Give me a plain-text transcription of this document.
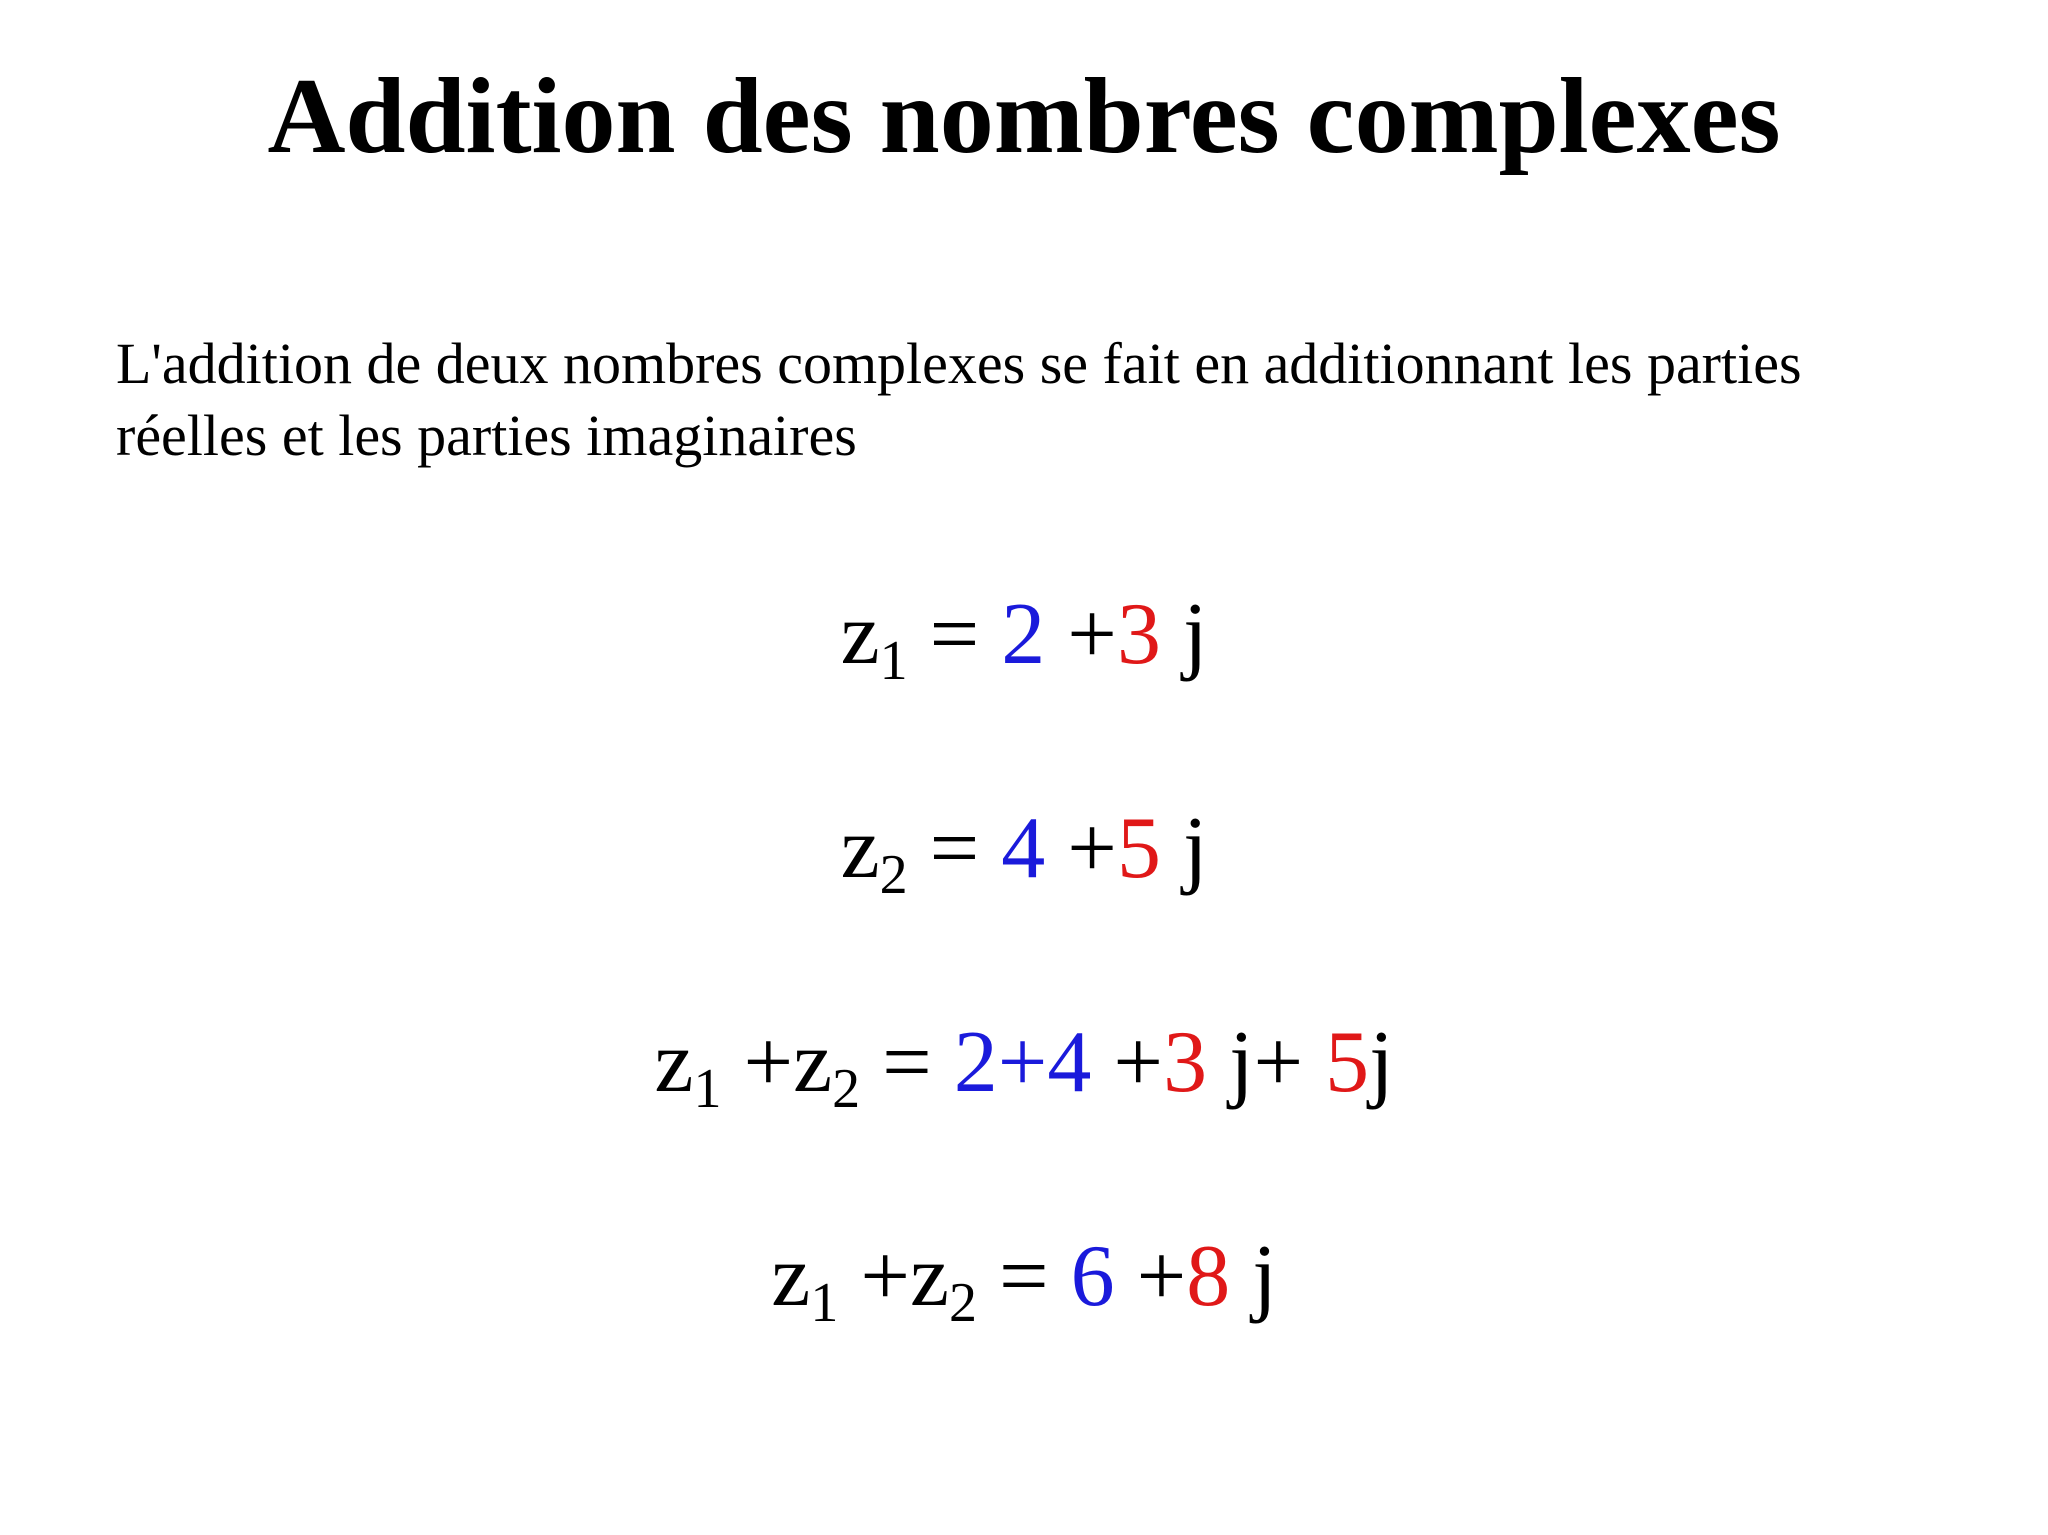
Addition des nombres complexes

L'addition de deux nombres complexes se fait en additionnant les parties
réelles et les parties imaginaires

$z_1 = 2 +3$ j
$z_2 = 4 +5$ j
$z_1 +z_2 = 2+4 +3$ j+ 5j
$z_1 +z_2 = 6 +8$ j
